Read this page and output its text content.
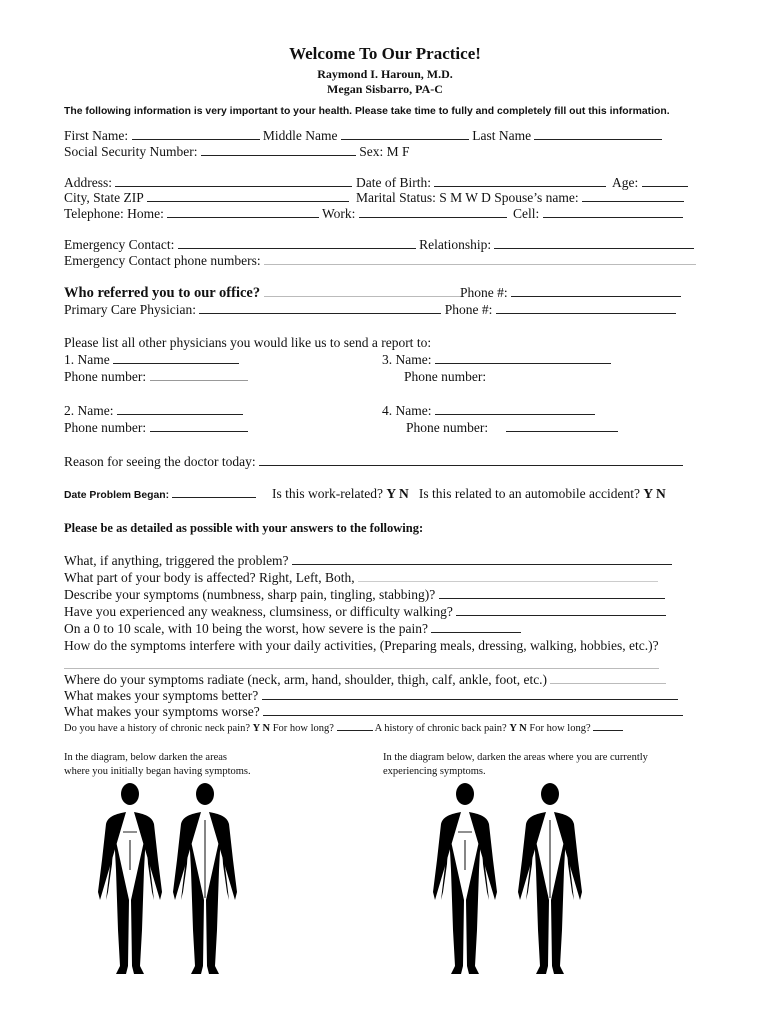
Welcome To Our Practice!
Raymond I. Haroun, M.D.
Megan Sisbarro, PA-C
The following information is very important to your health. Please take time to fully and completely fill out this information.
First Name:	Middle Name	Last Name
Social Security Number:	Sex: M F
Address:	Date of Birth:	Age:
City, State ZIP	Marital Status: S M W D Spouse’s name:
Telephone: Home:	Work:	Cell:
Emergency Contact:	Relationship:
Emergency Contact phone numbers:
Who referred you to our office?	Phone #:
Primary Care Physician:	Phone #:
Please list all other physicians you would like us to send a report to:
1. Name
Phone number:
3. Name:
Phone number:
2. Name:
Phone number:
4. Name:
Phone number:
Reason for seeing the doctor today:
Date Problem Began:	Is this work-related? Y N Is this related to an automobile accident? Y N
Please be as detailed as possible with your answers to the following:
What, if anything, triggered the problem?
What part of your body is affected? Right, Left, Both,
Describe your symptoms (numbness, sharp pain, tingling, stabbing)?
Have you experienced any weakness, clumsiness, or difficulty walking?
On a 0 to 10 scale, with 10 being the worst, how severe is the pain?
How do the symptoms interfere with your daily activities, (Preparing meals, dressing, walking, hobbies, etc.)?
Where do your symptoms radiate (neck, arm, hand, shoulder, thigh, calf, ankle, foot, etc.)
What makes your symptoms better?
What makes your symptoms worse?
Do you have a history of chronic neck pain? Y N For how long?	A history of chronic back pain? Y N For how long?
In the diagram, below darken the areas
where you initially began having symptoms.
In the diagram below, darken the areas where you are currently
experiencing symptoms.
